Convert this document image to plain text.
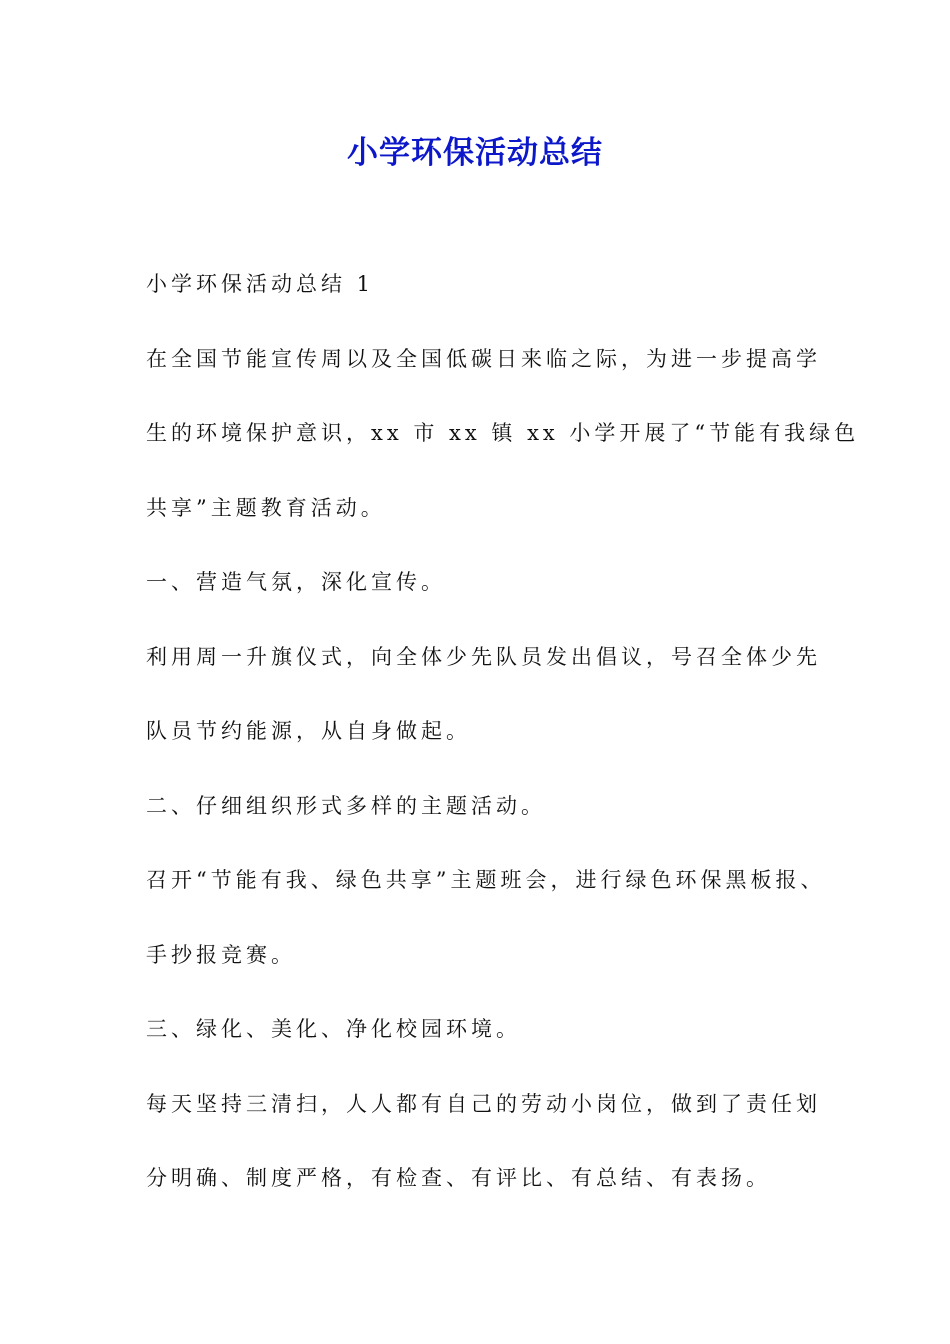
小学环保活动总结
小学环保活动总结 1
在全国节能宣传周以及全国低碳日来临之际，为进一步提高学
生的环境保护意识，xx 市 xx 镇 xx 小学开展了“节能有我绿色
共享”主题教育活动。
一、营造气氛，深化宣传。
利用周一升旗仪式，向全体少先队员发出倡议，号召全体少先
队员节约能源，从自身做起。
二、仔细组织形式多样的主题活动。
召开“节能有我、绿色共享”主题班会，进行绿色环保黑板报、
手抄报竞赛。
三、绿化、美化、净化校园环境。
每天坚持三清扫，人人都有自己的劳动小岗位，做到了责任划
分明确、制度严格，有检查、有评比、有总结、有表扬。
